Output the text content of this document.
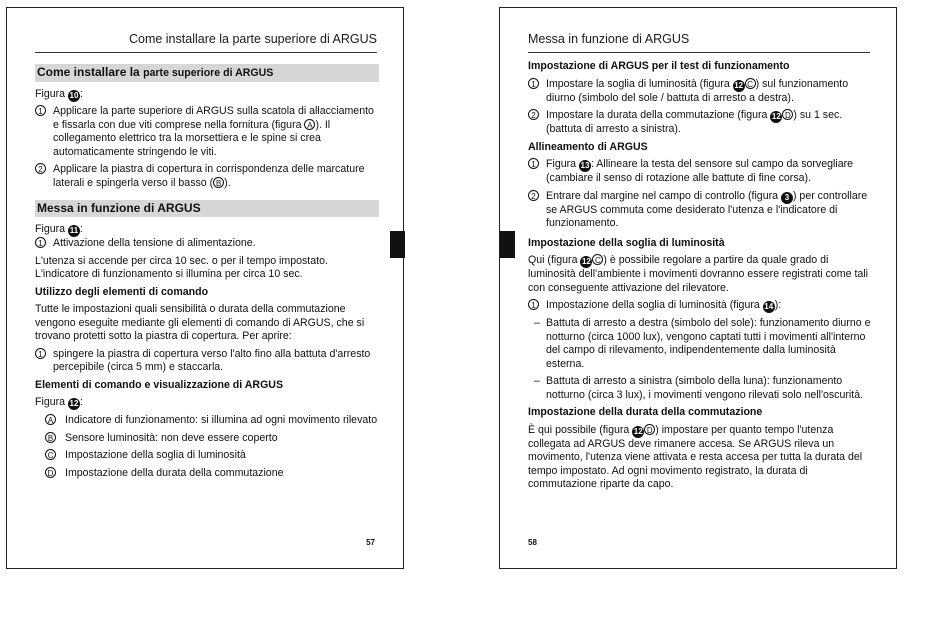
Come installare la parte superiore di ARGUS

Come installare la parte superiore di ARGUS

Figura 10 :

1 Applicare la parte superiore di ARGUS sulla scatola di allacciamento e fissarla con due viti comprese nella fornitura (figura A ). Il collegamento elettrico tra la morsettiera e le spine si crea automaticamente stringendo le viti.
2 Applicare la piastra di copertura in corrispondenza delle marcature laterali e spingerla verso il basso ( B ).

Messa in funzione di ARGUS

Figura 11 :

1 Attivazione della tensione di alimentazione.

L'utenza si accende per circa 10 sec. o per il tempo impostato. L'indicatore di funzionamento si illumina per circa 10 sec.

Utilizzo degli elementi di comando

Tutte le impostazioni quali sensibilità o durata della commutazione vengono eseguite mediante gli elementi di comando di ARGUS, che si trovano protetti sotto la piastra di copertura. Per aprire:

1 spingere la piastra di copertura verso l'alto fino alla battuta d'arresto percepibile (circa 5 mm) e staccarla.

Elementi di comando e visualizzazione di ARGUS

Figura 12 :

A	Indicatore di funzionamento: si illumina ad ogni movimento rilevato
B	Sensore luminosità: non deve essere coperto
C	Impostazione della soglia di luminosità
D	Impostazione della durata della commutazione
57
Messa in funzione di ARGUS

Impostazione di ARGUS per il test di funzionamento

1 Impostare la soglia di luminosità (figura 12 C ) sul funzionamento diurno (simbolo del sole / battuta di arresto a destra).
2 Impostare la durata della commutazione (figura 12 D ) su 1 sec. (battuta di arresto a sinistra).

Allineamento di ARGUS

1 Figura 13 : Allineare la testa del sensore sul campo da sorvegliare (cambiare il senso di rotazione alle battute di fine corsa).
2 Entrare dal margine nel campo di controllo (figura 3 ) per controllare se ARGUS commuta come desiderato l'utenza e l'indicatore di funzionamento.

Impostazione della soglia di luminosità

Qui (figura 12 C ) è possibile regolare a partire da quale grado di luminosità dell'ambiente i movimenti dovranno essere registrati come tali con conseguente attivazione del rilevatore.

1 Impostazione della soglia di luminosità (figura 14 ):
– Battuta di arresto a destra (simbolo del sole): funzionamento diurno e notturno (circa 1000 lux), vengono captati tutti i movimenti all'interno del campo di rilevamento, indipendentemente dalla luminosità esterna.
– Battuta di arresto a sinistra (simbolo della luna): funzionamento notturno (circa 3 lux), i movimenti vengono rilevati solo nell'oscurità.

Impostazione della durata della commutazione

È qui possibile (figura 12 D ) impostare per quanto tempo l'utenza collegata ad ARGUS deve rimanere accesa. Se ARGUS rileva un movimento, l'utenza viene attivata e resta accesa per tutta la durata del tempo impostato. Ad ogni movimento registrato, la durata di commutazione riparte da capo.

58
